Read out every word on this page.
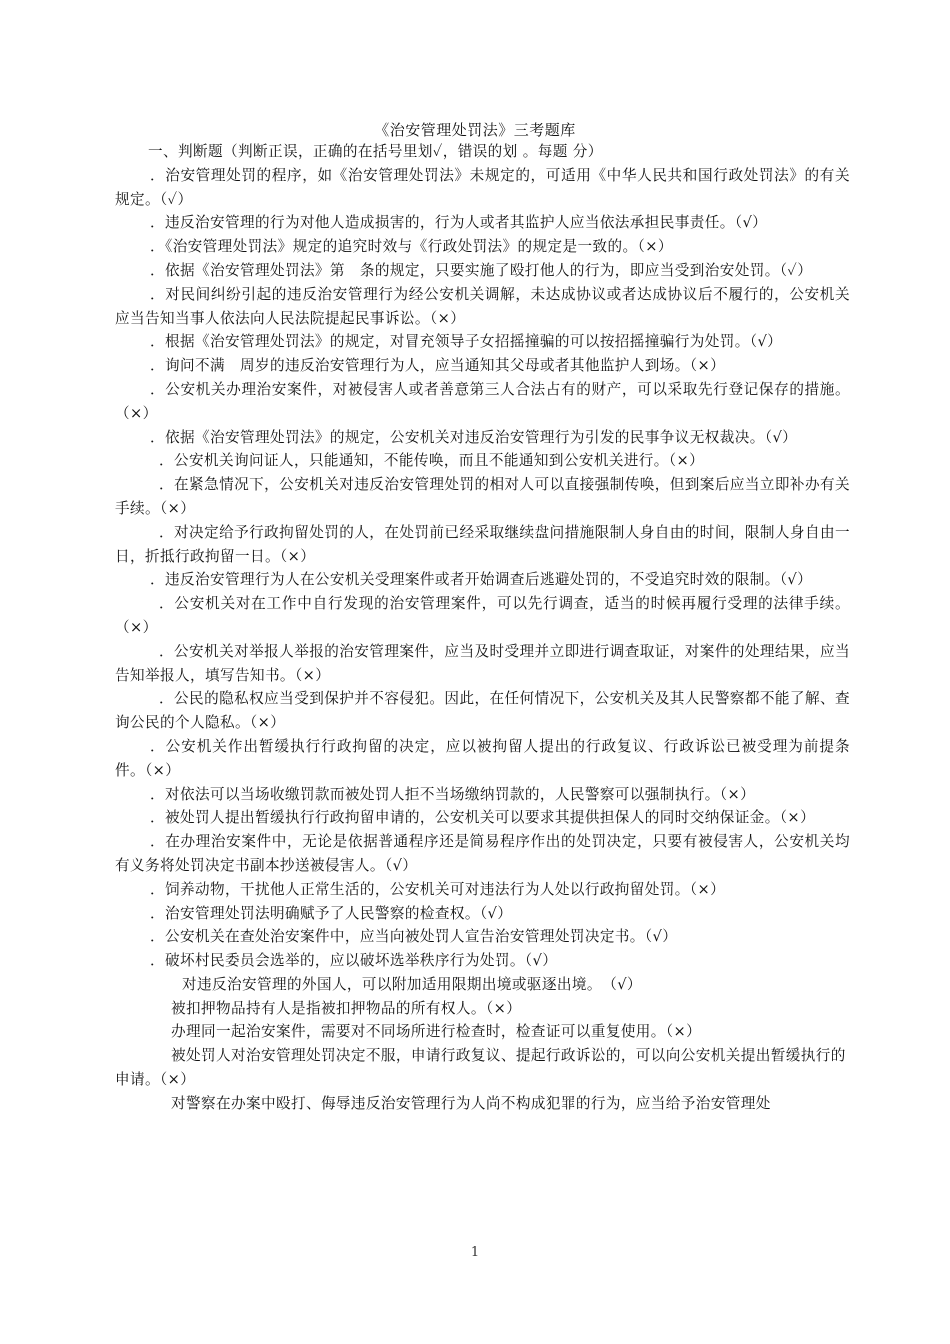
《治安管理处罚法》三考题库

一、判断题（判断正误，正确的在括号里划✓，错误的划 。每题 分）

．治安管理处罚的程序，如《治安管理处罚法》未规定的，可适用《中华人民共和国行政处罚法》的有关规定。（✓）

．违反治安管理的行为对他人造成损害的，行为人或者其监护人应当依法承担民事责任。（√）

．《治安管理处罚法》规定的追究时效与《行政处罚法》的规定是一致的。（×）

．依据《治安管理处罚法》第　条的规定，只要实施了殴打他人的行为，即应当受到治安处罚。（✓）

．对民间纠纷引起的违反治安管理行为经公安机关调解，未达成协议或者达成协议后不履行的，公安机关应当告知当事人依法向人民法院提起民事诉讼。（×）

．根据《治安管理处罚法》的规定，对冒充领导子女招摇撞骗的可以按招摇撞骗行为处罚。（√）

．询问不满　周岁的违反治安管理行为人，应当通知其父母或者其他监护人到场。（×）

．公安机关办理治安案件，对被侵害人或者善意第三人合法占有的财产，可以采取先行登记保存的措施。（×）

．依据《治安管理处罚法》的规定，公安机关对违反治安管理行为引发的民事争议无权裁决。（√）

．公安机关询问证人，只能通知，不能传唤，而且不能通知到公安机关进行。（×）

．在紧急情况下，公安机关对违反治安管理处罚的相对人可以直接强制传唤，但到案后应当立即补办有关手续。（×）

．对决定给予行政拘留处罚的人，在处罚前已经采取继续盘问措施限制人身自由的时间，限制人身自由一日，折抵行政拘留一日。（×）

．违反治安管理行为人在公安机关受理案件或者开始调查后逃避处罚的，不受追究时效的限制。（√）

．公安机关对在工作中自行发现的治安管理案件，可以先行调查，适当的时候再履行受理的法律手续。（×）

．公安机关对举报人举报的治安管理案件，应当及时受理并立即进行调查取证，对案件的处理结果，应当告知举报人，填写告知书。（×）

．公民的隐私权应当受到保护并不容侵犯。因此，在任何情况下，公安机关及其人民警察都不能了解、查询公民的个人隐私。（×）

．公安机关作出暂缓执行行政拘留的决定，应以被拘留人提出的行政复议、行政诉讼已被受理为前提条件。（×）

．对依法可以当场收缴罚款而被处罚人拒不当场缴纳罚款的，人民警察可以强制执行。（×）

．被处罚人提出暂缓执行行政拘留申请的，公安机关可以要求其提供担保人的同时交纳保证金。（×）

．在办理治安案件中，无论是依据普通程序还是简易程序作出的处罚决定，只要有被侵害人，公安机关均有义务将处罚决定书副本抄送被侵害人。（√）

．饲养动物，干扰他人正常生活的，公安机关可对违法行为人处以行政拘留处罚。（×）

．治安管理处罚法明确赋予了人民警察的检查权。（√）

．公安机关在查处治安案件中，应当向被处罚人宣告治安管理处罚决定书。（√）

．破坏村民委员会选举的，应以破坏选举秩序行为处罚。（√）

对违反治安管理的外国人，可以附加适用限期出境或驱逐出境。　（√）

被扣押物品持有人是指被扣押物品的所有权人。（×）

办理同一起治安案件，需要对不同场所进行检查时，检查证可以重复使用。（×）

被处罚人对治安管理处罚决定不服，申请行政复议、提起行政诉讼的，可以向公安机关提出暂缓执行的申请。（×）

对警察在办案中殴打、侮辱违反治安管理行为人尚不构成犯罪的行为，应当给予治安管理处

1
